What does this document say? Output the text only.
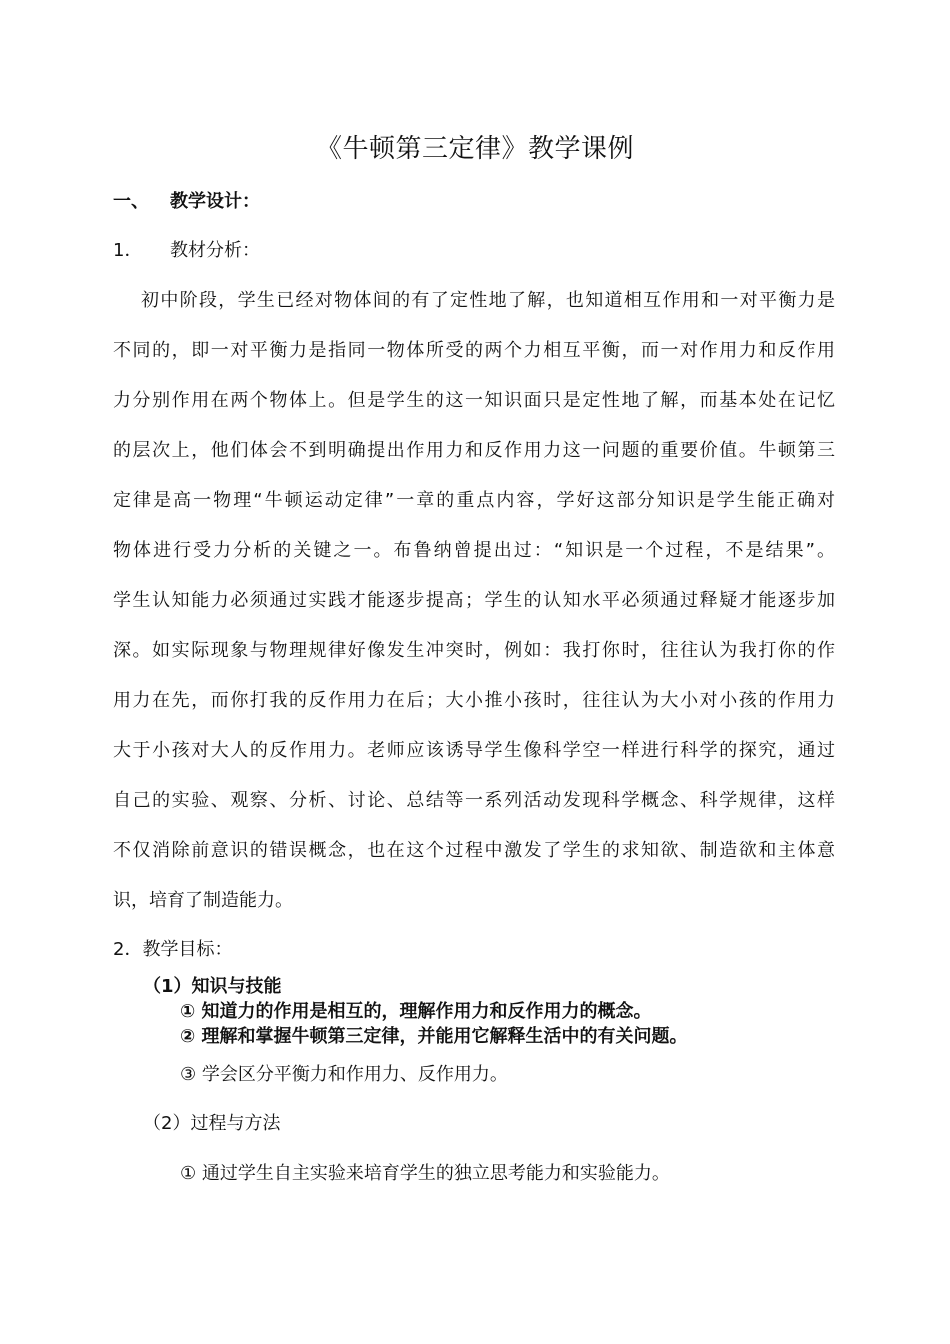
《牛顿第三定律》教学课例
一、 教学设计：
1． 教材分析：
初中阶段，学生已经对物体间的有了定性地了解，也知道相互作用和一对平衡力是
不同的，即一对平衡力是指同一物体所受的两个力相互平衡，而一对作用力和反作用
力分别作用在两个物体上。但是学生的这一知识面只是定性地了解，而基本处在记忆
的层次上，他们体会不到明确提出作用力和反作用力这一问题的重要价值。牛顿第三
定律是高一物理“牛顿运动定律”一章的重点内容，学好这部分知识是学生能正确对
物体进行受力分析的关键之一。布鲁纳曾提出过：“知识是一个过程，不是结果”。
学生认知能力必须通过实践才能逐步提高；学生的认知水平必须通过释疑才能逐步加
深。如实际现象与物理规律好像发生冲突时，例如：我打你时，往往认为我打你的作
用力在先，而你打我的反作用力在后；大小推小孩时，往往认为大小对小孩的作用力
大于小孩对大人的反作用力。老师应该诱导学生像科学空一样进行科学的探究，通过
自己的实验、观察、分析、讨论、总结等一系列活动发现科学概念、科学规律，这样
不仅消除前意识的错误概念，也在这个过程中激发了学生的求知欲、制造欲和主体意
识，培育了制造能力。
2．教学目标：
（1）知识与技能
① 知道力的作用是相互的，理解作用力和反作用力的概念。
② 理解和掌握牛顿第三定律，并能用它解释生活中的有关问题。
③ 学会区分平衡力和作用力、反作用力。
（2）过程与方法
① 通过学生自主实验来培育学生的独立思考能力和实验能力。
